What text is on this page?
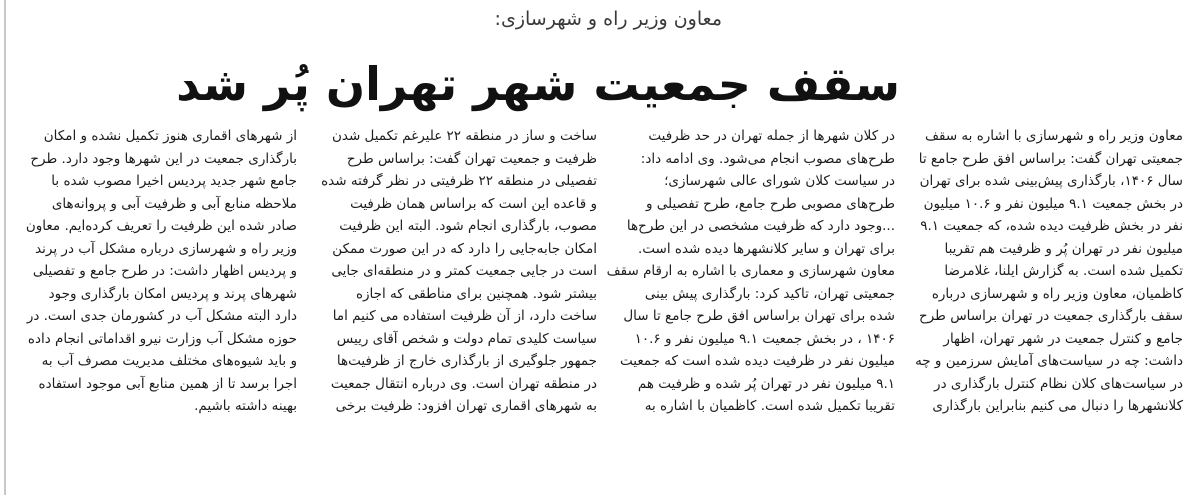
معاون وزیر راه و شهرسازی:
سقف جمعیت شهر تهران پُر شد
معاون وزیر راه و شهرسازی با اشاره به سقف
جمعیتی تهران گفت: براساس افق طرح جامع تا
سال ۱۴۰۶، بارگذاری پیش‌بینی شده برای تهران
در بخش جمعیت ۹.۱ میلیون نفر و ۱۰.۶ میلیون
نفر در بخش ظرفیت دیده شده، که جمعیت ۹.۱
میلیون نفر در تهران پُر و ظرفیت هم تقریبا
تکمیل شده است. به گزارش ایلنا، غلامرضا
کاظمیان، معاون وزیر راه و شهرسازی درباره
سقف بارگذاری جمعیت در تهران براساس طرح
جامع و کنترل جمعیت در شهر تهران، اظهار
داشت: چه در سیاست‌های آمایش سرزمین و چه
در سیاست‌های کلان نظام کنترل بارگذاری در
کلانشهرها را دنبال می کنیم بنابراین بارگذاری
در کلان شهرها از جمله تهران در حد ظرفیت
طرح‌های مصوب انجام می‌شود. وی ادامه داد:
در سیاست کلان شورای عالی شهرسازی؛
طرح‌های مصوبی طرح جامع، طرح تفصیلی و
...وجود دارد که ظرفیت مشخصی در این طرح‌ها
برای تهران و سایر کلانشهرها دیده شده است.
معاون شهرسازی و معماری با اشاره به ارقام سقف
جمعیتی تهران، تاکید کرد: بارگذاری پیش بینی
شده برای تهران براساس افق طرح جامع تا سال
۱۴۰۶ ، در بخش جمعیت ۹.۱ میلیون نفر و ۱۰.۶
میلیون نفر در ظرفیت دیده شده است که جمعیت
۹.۱ میلیون نفر در تهران پُر شده و ظرفیت هم
تقریبا تکمیل شده است. کاظمیان با اشاره به
ساخت و ساز در منطقه ۲۲ علیرغم تکمیل شدن
ظرفیت و جمعیت تهران گفت: براساس طرح
تفصیلی در منطقه ۲۲ ظرفیتی در نظر گرفته شده
و قاعده این است که براساس همان ظرفیت
مصوب، بارگذاری انجام شود. البته این ظرفیت
امکان جابه‌جایی را دارد که در این صورت ممکن
است در جایی جمعیت کمتر و در منطقه‌ای جایی
بیشتر شود. همچنین برای مناطقی که اجازه
ساخت دارد، از آن ظرفیت استفاده می کنیم اما
سیاست کلیدی تمام دولت و شخص آقای رییس
جمهور جلوگیری از بارگذاری خارج از ظرفیت‌ها
در منطقه تهران است. وی درباره انتقال جمعیت
به شهرهای اقماری تهران افزود: ظرفیت برخی
از شهرهای اقماری هنوز تکمیل نشده و امکان
بارگذاری جمعیت در این شهرها وجود دارد. طرح
جامع شهر جدید پردیس اخیرا مصوب شده با
ملاحظه منابع آبی و ظرفیت آبی و پروانه‌های
صادر شده این ظرفیت را تعریف کرده‌ایم. معاون
وزیر راه و شهرسازی درباره مشکل آب در پرند
و پردیس اظهار داشت: در طرح جامع و تفصیلی
شهرهای پرند و پردیس امکان بارگذاری وجود
دارد البته مشکل آب در کشورمان جدی است. در
حوزه مشکل آب وزارت نیرو اقداماتی انجام داده
و باید شیوه‌های مختلف مدیریت مصرف آب به
اجرا برسد تا از همین منابع آبی موجود استفاده
بهینه داشته باشیم.
